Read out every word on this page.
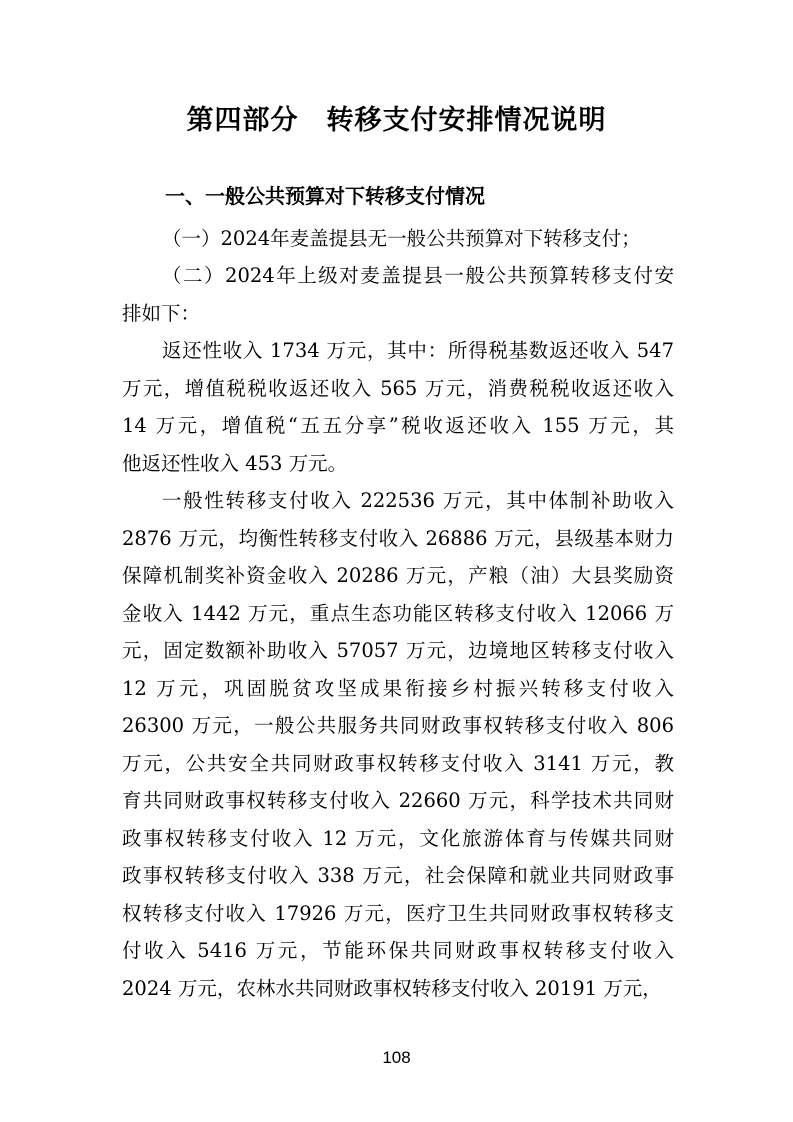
第四部分　转移支付安排情况说明
一、一般公共预算对下转移支付情况
（一）2024年麦盖提县无一般公共预算对下转移支付；
（二）2024年上级对麦盖提县一般公共预算转移支付安
排如下：
返还性收入 1734 万元，其中：所得税基数返还收入 547
万元，增值税税收返还收入 565 万元，消费税税收返还收入
14 万元，增值税“五五分享”税收返还收入 155 万元，其
他返还性收入 453 万元。
一般性转移支付收入 222536 万元，其中体制补助收入
2876 万元，均衡性转移支付收入 26886 万元，县级基本财力
保障机制奖补资金收入 20286 万元，产粮（油）大县奖励资
金收入 1442 万元，重点生态功能区转移支付收入 12066 万
元，固定数额补助收入 57057 万元，边境地区转移支付收入
12 万元，巩固脱贫攻坚成果衔接乡村振兴转移支付收入
26300 万元，一般公共服务共同财政事权转移支付收入 806
万元，公共安全共同财政事权转移支付收入 3141 万元，教
育共同财政事权转移支付收入 22660 万元，科学技术共同财
政事权转移支付收入 12 万元，文化旅游体育与传媒共同财
政事权转移支付收入 338 万元，社会保障和就业共同财政事
权转移支付收入 17926 万元，医疗卫生共同财政事权转移支
付收入 5416 万元，节能环保共同财政事权转移支付收入
2024 万元，农林水共同财政事权转移支付收入 20191 万元，
108
